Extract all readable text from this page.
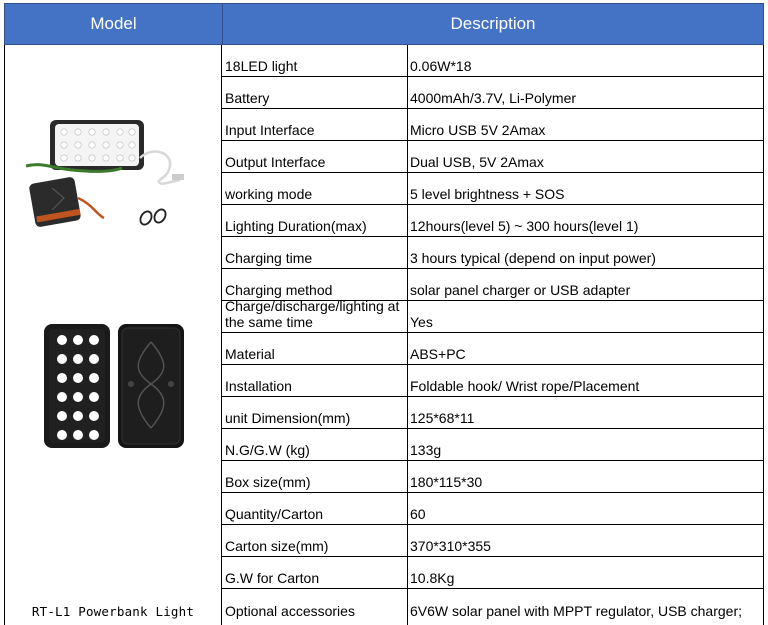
Model	Description
RT-L1 Powerbank Light
18LED light	0.06W*18
Battery	4000mAh/3.7V, Li-Polymer
Input Interface	Micro USB 5V 2Amax
Output Interface	Dual USB, 5V 2Amax
working mode	5 level brightness + SOS
Lighting Duration(max)	12hours(level 5) ~ 300 hours(level 1)
Charging time	3 hours typical (depend on input power)
Charging method	solar panel charger or USB adapter
Charge/discharge/lighting at the same time	Yes
Material	ABS+PC
Installation	Foldable hook/ Wrist rope/Placement
unit Dimension(mm)	125*68*11
N.G/G.W (kg)	133g
Box size(mm)	180*115*30
Quantity/Carton	60
Carton size(mm)	370*310*355
G.W for Carton	10.8Kg
Optional accessories	6V6W solar panel with MPPT regulator, USB charger;
